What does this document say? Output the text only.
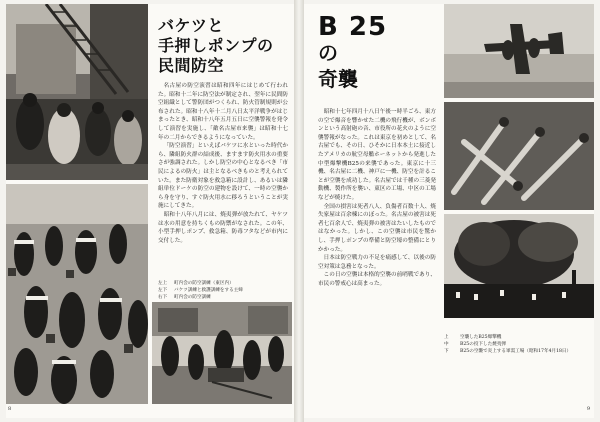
バケツと
手押しポンプの
民間防空

名古屋の防空演習は昭和四年にはじめて行われた。昭和十二年に防空法が制定され、翌年に民間防空組織として警防団がつくられ、防火管制規則が公布された。昭和十八年十二月八日太平洋戦争がはじまったとき、昭和十八年五月五日に空襲警報を発令して演習を実施し、「敵名古屋市来襲」は昭和十七年の二月からできるようになっていた。

「防空演習」といえばバケツに水といった時代から、隣組防火群の結成後、ますます防火用水の重要さが強調された。しかし防空の中心となるべき「市民によるの防火」は主となるべきものと考えられていた。また防衛対象を救急箱に設計し、あるいは隣組単位ドーケの防空の建物を設けて、一時の空襲から身を守り、すぐ防火用水に移ろうということが実施にしてきた。

昭和十八年八月には、焼夷弾が放たれて、ヤケツは水の用意を持ちくもの防禦がなされた。この年、小型手押しポンプ、救急箱、防毒フタなどが市内に交付した。

左上 町内会の防空訓練（東区内）
左下 バケツ訓練と救護訓練をする主婦
右下 町内会の防空訓練
8
B 25
の
奇襲

昭和十七年四月十八日午後一時半ごろ、東方の空で爆音を響かせた二機の飛行機が、ボンボンという高射砲の音、市役所の花火のように空襲警報がなった。これは東京を初めとして、名古屋でも、その日、ひそかに日本本土に接近したアメリカの航空母艦ホーネットから発進した中型爆撃機B25の来襲であった。東京に十三機、名古屋に二機、神戸に一機、防空を計ることが空襲を成功した。名古屋では千種の三菱発動機、製作所を襲い、東区の工場、中区の工場などが焼けた。

全国の損害は死者八人、負傷者百数十人、焼失家屋は百余棟にのぼった。名古屋の被害は死者七百余人で、焼夷弾の被害はたいしたものではなかった。しかし、この空襲は市民を驚かし、手押しポンプの準備と防空壕の整備にとりかかった。

日本は防空戦力の不足を痛感して、以後の防空対策は急務となった。

この日の空襲は本格的空襲の前哨戦であり、市民の警戒心は高まった。

上	空襲したB25爆撃機
中	B25の投下した焼夷弾
下	B25の空襲で炎上する軍需工場（昭和17年4月18日）
9
